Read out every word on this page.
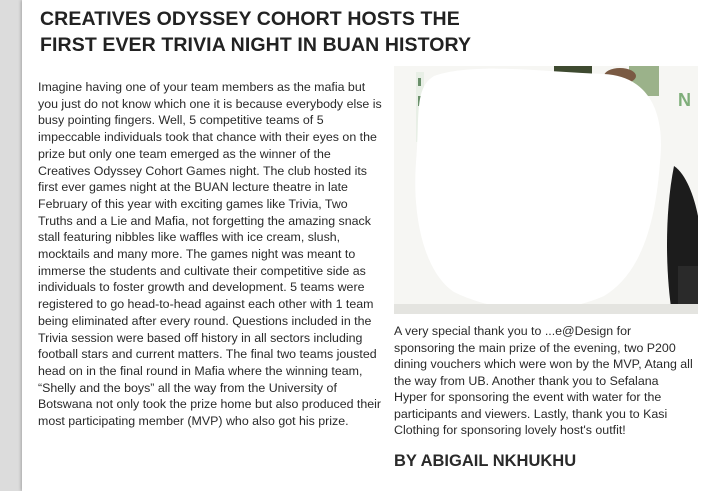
CREATIVES ODYSSEY COHORT HOSTS THE FIRST EVER TRIVIA NIGHT IN BUAN HISTORY

Imagine having one of your team members as the mafia but you just do not know which one it is because everybody else is busy pointing fingers. Well, 5 competitive teams of 5 impeccable individuals took that chance with their eyes on the prize but only one team emerged as the winner of the Creatives Odyssey Cohort Games night. The club hosted its first ever games night at the BUAN lecture theatre in late February of this year with exciting games like Trivia, Two Truths and a Lie and Mafia, not forgetting the amazing snack stall featuring nibbles like waffles with ice cream, slush, mocktails and many more. The games night was meant to immerse the students and cultivate their competitive side as individuals to foster growth and development. 5 teams were registered to go head-to-head against each other with 1 team being eliminated after every round. Questions included in the Trivia session were based off history in all sectors including football stars and current matters. The final two teams jousted head on in the final round in Mafia where the winning team, “Shelly and the boys” all the way from the University of Botswana not only took the prize home but also produced their most participating member (MVP) who also got his prize.

N

A very special thank you to ...e@Design for sponsoring the main prize of the evening, two P200 dining vouchers which were won by the MVP, Atang all the way from UB. Another thank you to Sefalana Hyper for sponsoring the event with water for the participants and viewers. Lastly, thank you to Kasi Clothing for sponsoring lovely host's outfit!

BY ABIGAIL NKHUKHU
